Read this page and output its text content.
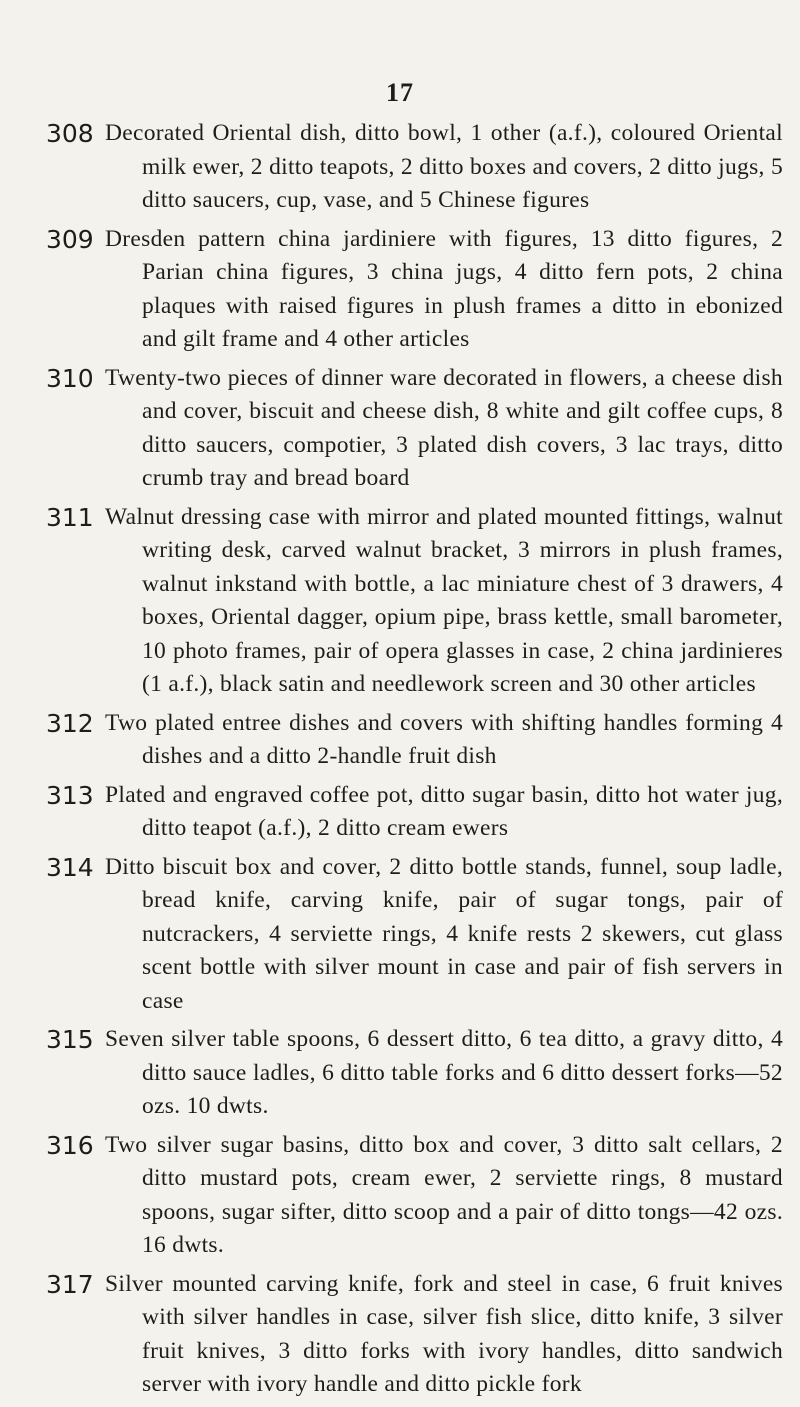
17
308 Decorated Oriental dish, ditto bowl, 1 other (a.f.), coloured Oriental milk ewer, 2 ditto teapots, 2 ditto boxes and covers, 2 ditto jugs, 5 ditto saucers, cup, vase, and 5 Chinese figures
309 Dresden pattern china jardiniere with figures, 13 ditto figures, 2 Parian china figures, 3 china jugs, 4 ditto fern pots, 2 china plaques with raised figures in plush frames a ditto in ebonized and gilt frame and 4 other articles
310 Twenty-two pieces of dinner ware decorated in flowers, a cheese dish and cover, biscuit and cheese dish, 8 white and gilt coffee cups, 8 ditto saucers, compotier, 3 plated dish covers, 3 lac trays, ditto crumb tray and bread board
311 Walnut dressing case with mirror and plated mounted fittings, walnut writing desk, carved walnut bracket, 3 mirrors in plush frames, walnut inkstand with bottle, a lac miniature chest of 3 drawers, 4 boxes, Oriental dagger, opium pipe, brass kettle, small barometer, 10 photo frames, pair of opera glasses in case, 2 china jardinieres (1 a.f.), black satin and needlework screen and 30 other articles
312 Two plated entree dishes and covers with shifting handles forming 4 dishes and a ditto 2-handle fruit dish
313 Plated and engraved coffee pot, ditto sugar basin, ditto hot water jug, ditto teapot (a.f.), 2 ditto cream ewers
314 Ditto biscuit box and cover, 2 ditto bottle stands, funnel, soup ladle, bread knife, carving knife, pair of sugar tongs, pair of nutcrackers, 4 serviette rings, 4 knife rests 2 skewers, cut glass scent bottle with silver mount in case and pair of fish servers in case
315 Seven silver table spoons, 6 dessert ditto, 6 tea ditto, a gravy ditto, 4 ditto sauce ladles, 6 ditto table forks and 6 ditto dessert forks—52 ozs. 10 dwts.
316 Two silver sugar basins, ditto box and cover, 3 ditto salt cellars, 2 ditto mustard pots, cream ewer, 2 serviette rings, 8 mustard spoons, sugar sifter, ditto scoop and a pair of ditto tongs—42 ozs. 16 dwts.
317 Silver mounted carving knife, fork and steel in case, 6 fruit knives with silver handles in case, silver fish slice, ditto knife, 3 silver fruit knives, 3 ditto forks with ivory handles, ditto sandwich server with ivory handle and ditto pickle fork
